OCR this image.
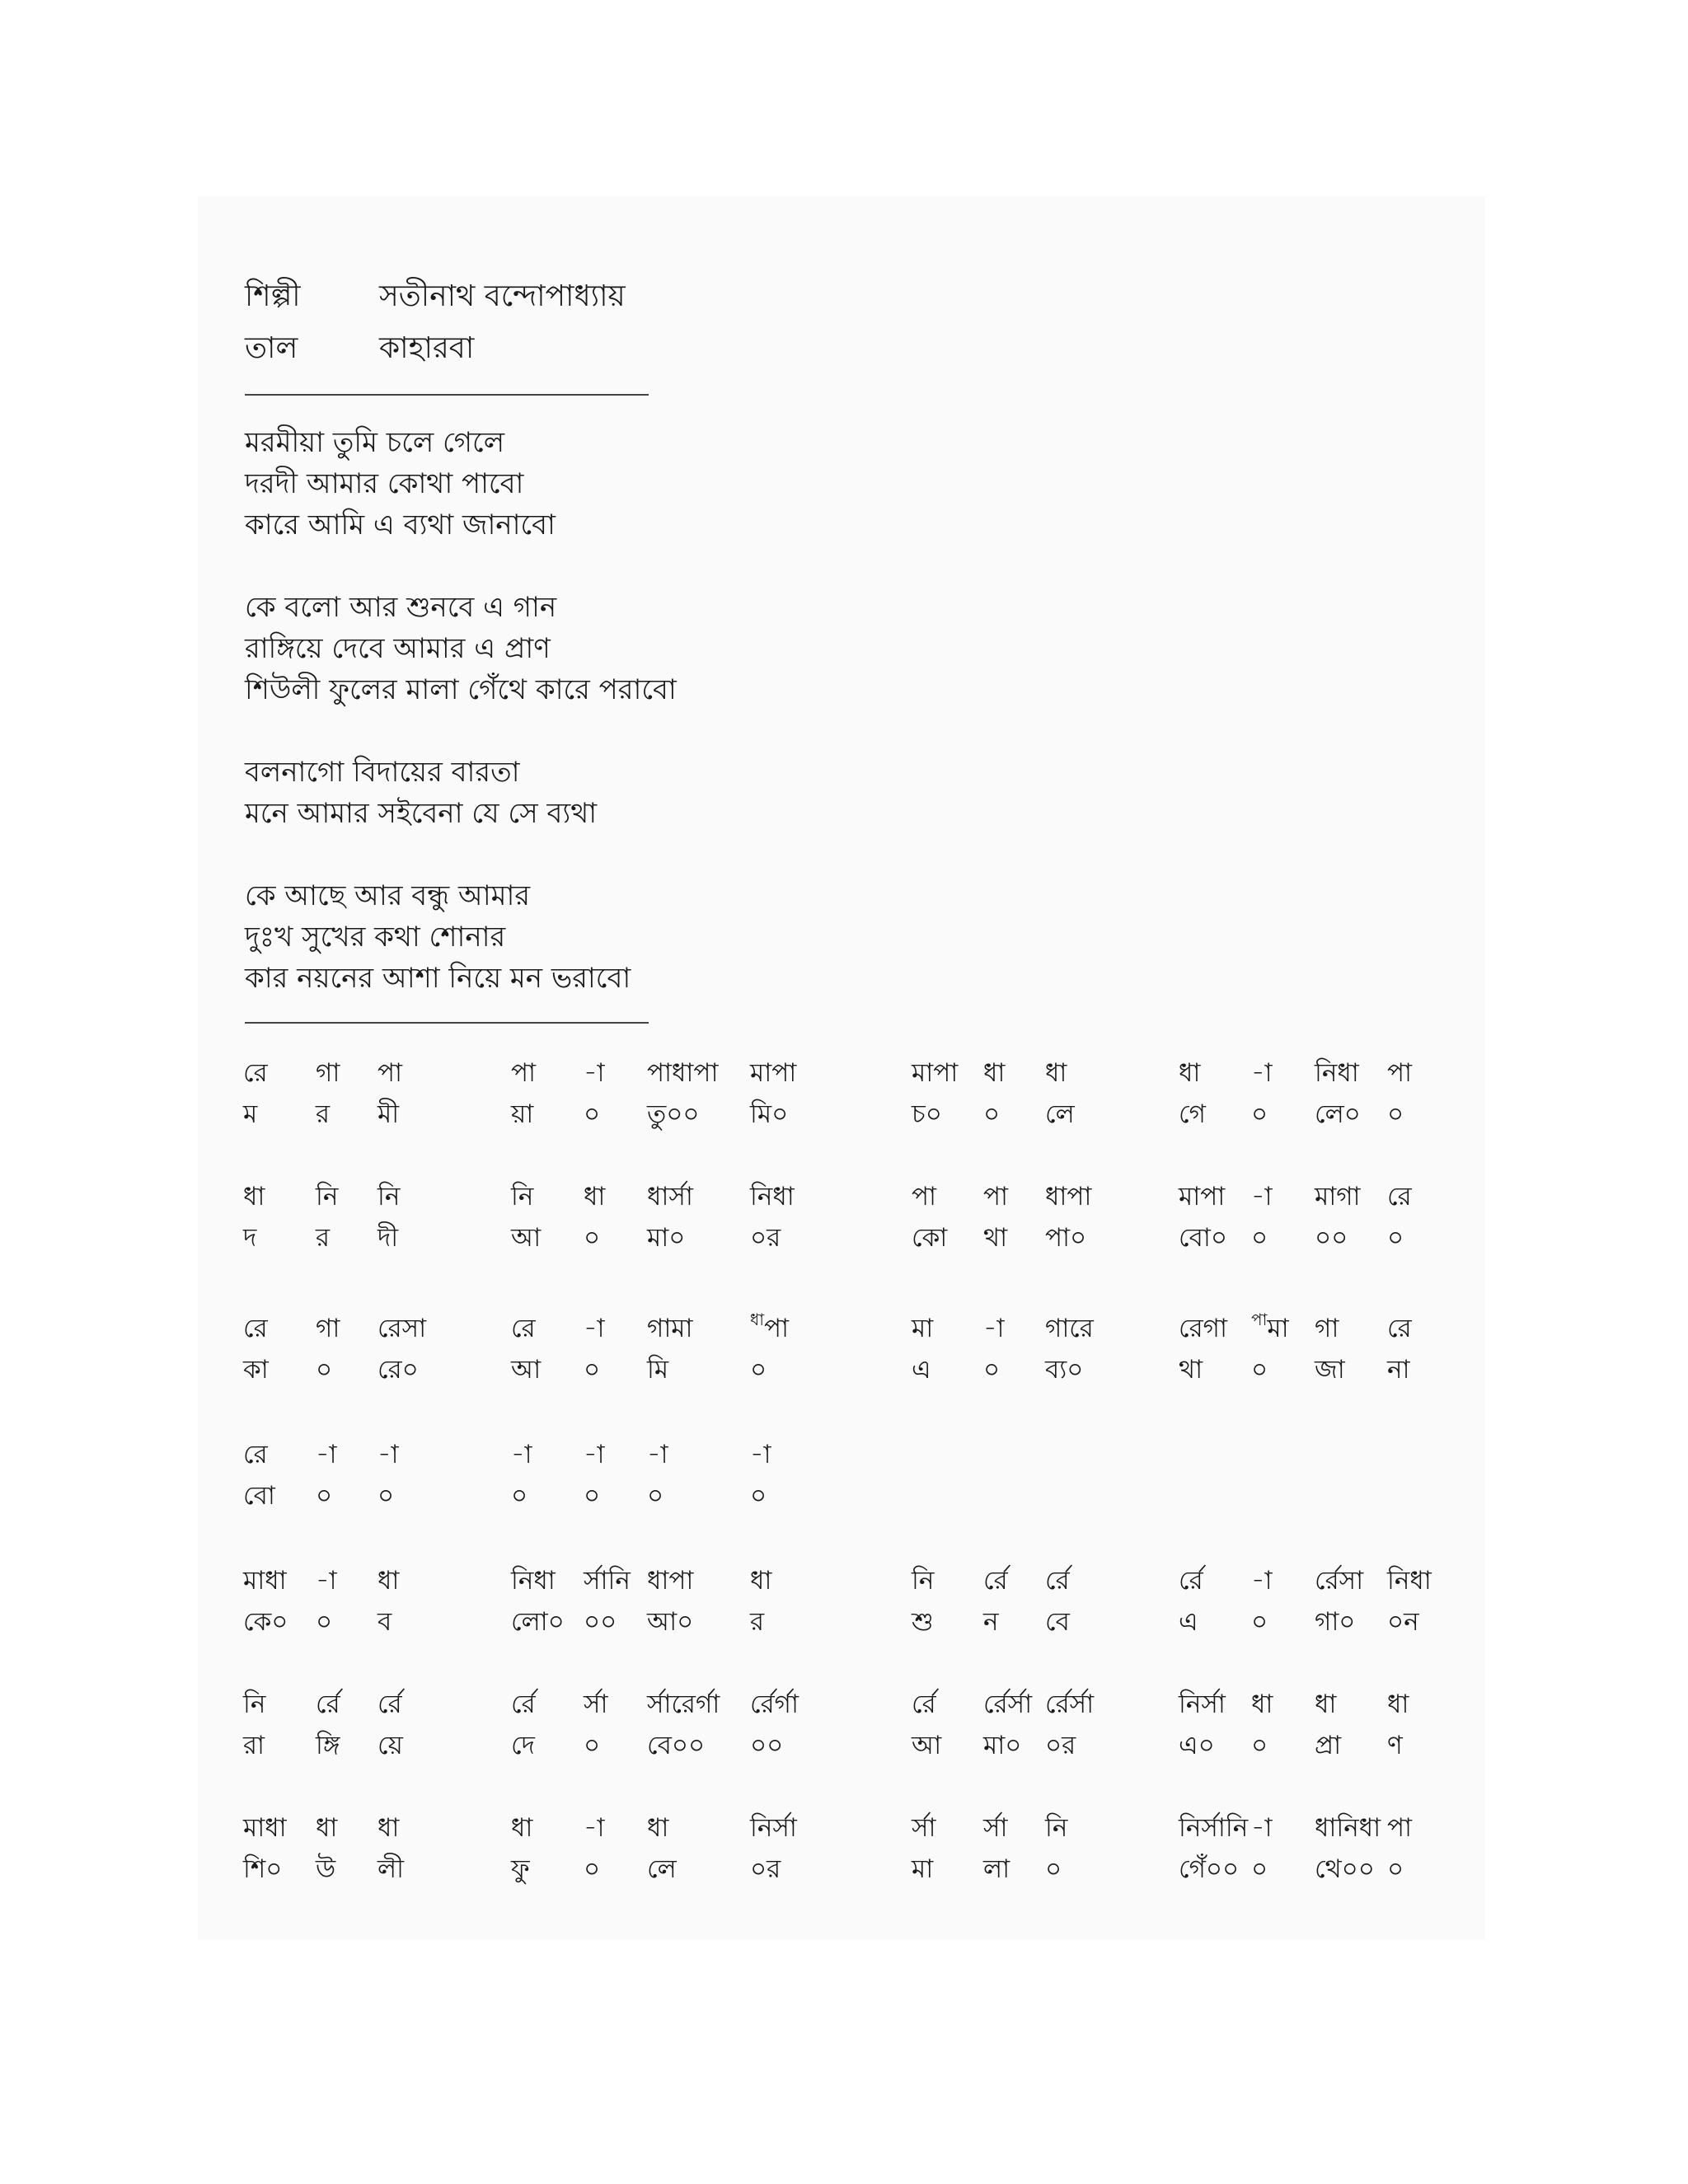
শিল্পী	সতীনাথ বন্দোপাধ্যায়
তাল	কাহারবা
মরমীয়া তুমি চলে গেলে
দরদী আমার কোথা পাবো
কারে আমি এ ব্যথা জানাবো
কে বলো আর শুনবে এ গান
রাঙ্গিয়ে দেবে আমার এ প্রাণ
শিউলী ফুলের মালা গেঁথে কারে পরাবো
বলনাগো বিদায়ের বারতা
মনে আমার সইবেনা যে সে ব্যথা
কে আছে আর বন্ধু আমার
দুঃখ সুখের কথা শোনার
কার নয়নের আশা নিয়ে মন ভরাবো
রে গা পা	পা -া পাধাপা মাপা	মাপা ধা ধা	ধা -া নিধা পা
ম র মী	য়া ০ তু০০ মি০	চ০ ০ লে	গে ০ লে০ ০
ধা নি নি	নি ধা ধার্সা নিধা	পা পা ধাপা	মাপা -া মাগা রে
দ র দী	আ ০ মা০	০র	কো থা পা০	বো০ ০ ০০ ০
রে গা রেসা	রে -া গামা	$^{ধা}$পা	মা -া গারে	রেগা $^{পা}$মা গা রে
কা ০ রে০	আ ০ মি	০	এ ০ ব্য০	থা ০ জা না
রে -া -া	-া -া -া	-া
বো ০ ০	০ ০ ০	০
মাধা -া ধা	নিধা র্সানি ধাপা ধা	নি র্রে র্রে	র্রে -া র্রেসা নিধা
কে০ ০ ব	লো০ ০০ আ০ র	শু ন বে	এ ০ গা০ ০ন
নি র্রে র্রে	র্রে র্সা র্সারের্গা র্রের্গা	র্রে র্রের্সা র্রের্সা	নির্সা ধা ধা ধা
রা ঙ্গি য়ে	দে ০ বে০০ ০০	আ মা০ ০র	এ০ ০ প্রা ণ
মাধা ধা ধা	ধা -া ধা	নির্সা	র্সা র্সা নি	নির্সানি -া ধানিধা পা
শি০ উ লী	ফু ০ লে	০র	মা লা ০	গেঁ০০ ০ থে০০ ০
